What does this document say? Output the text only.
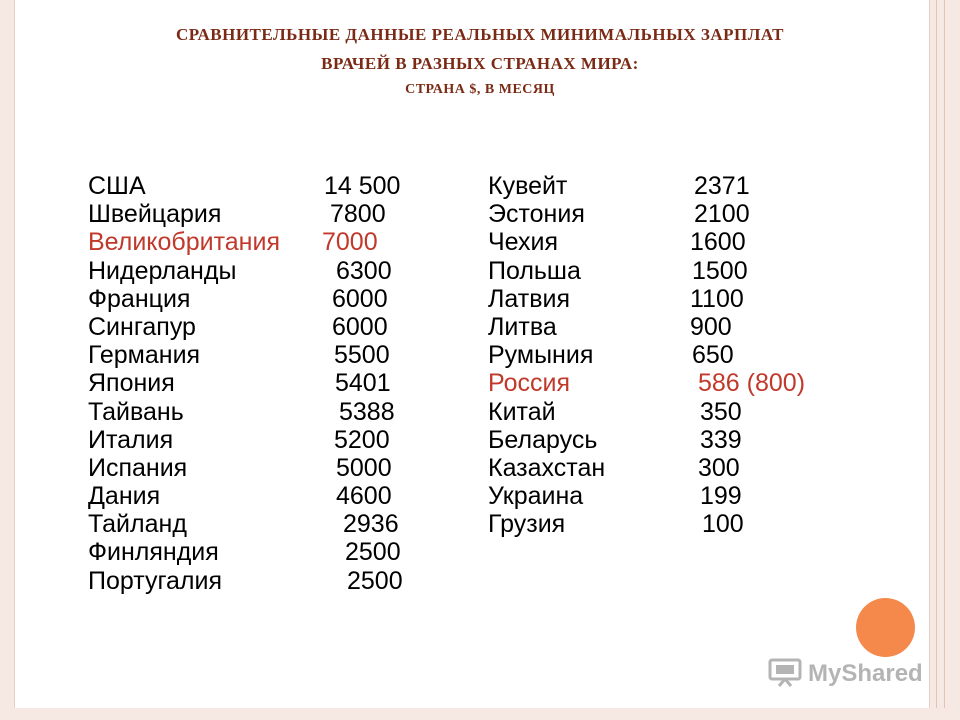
СРАВНИТЕЛЬНЫЕ ДАННЫЕ РЕАЛЬНЫХ МИНИМАЛЬНЫХ ЗАРПЛАТ
ВРАЧЕЙ В РАЗНЫХ СТРАНАХ МИРА:
СТРАНА $, В МЕСЯЦ
США	14 500
Швейцария	7800
Великобритания 7000
Нидерланды	6300
Франция	6000
Сингапур	6000
Германия	5500
Япония	5401
Тайвань	5388
Италия	5200
Испания	5000
Дания	4600
Тайланд	2936
Финляндия	2500
Португалия	2500
Кувейт	2371
Эстония	2100
Чехия	1600
Польша	1500
Латвия	1100
Литва	900
Румыния	650
Россия	586 (800)
Китай	350
Беларусь	339
Казахстан	300
Украина	199
Грузия	100
MyShared
